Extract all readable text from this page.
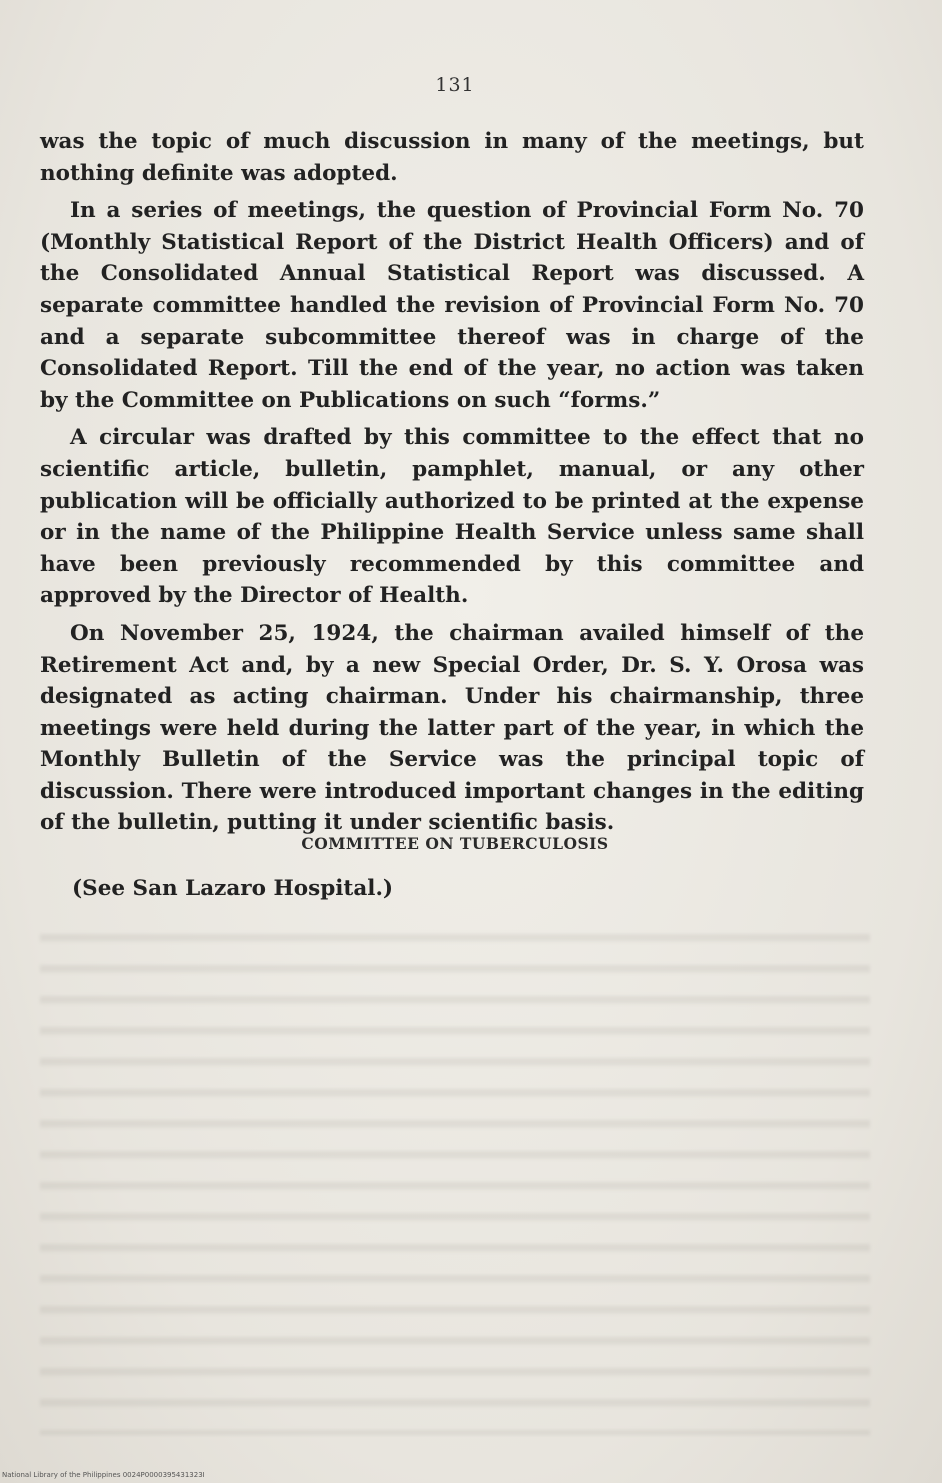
131

was the topic of much discussion in many of the meetings, but nothing definite was adopted.

In a series of meetings, the question of Provincial Form No. 70 (Monthly Statistical Report of the District Health Officers) and of the Consolidated Annual Statistical Report was discussed. A separate committee handled the revision of Provincial Form No. 70 and a separate subcommittee thereof was in charge of the Consolidated Report. Till the end of the year, no action was taken by the Committee on Publications on such “forms.”

A circular was drafted by this committee to the effect that no scientific article, bulletin, pamphlet, manual, or any other publication will be officially authorized to be printed at the expense or in the name of the Philippine Health Service unless same shall have been previously recommended by this committee and approved by the Director of Health.

On November 25, 1924, the chairman availed himself of the Retirement Act and, by a new Special Order, Dr. S. Y. Orosa was designated as acting chairman. Under his chairmanship, three meetings were held during the latter part of the year, in which the Monthly Bulletin of the Service was the principal topic of discussion. There were introduced important changes in the editing of the bulletin, putting it under scientific basis.

COMMITTEE ON TUBERCULOSIS
(See San Lazaro Hospital.)
National Library of the Philippines 0024P0000395431323I
